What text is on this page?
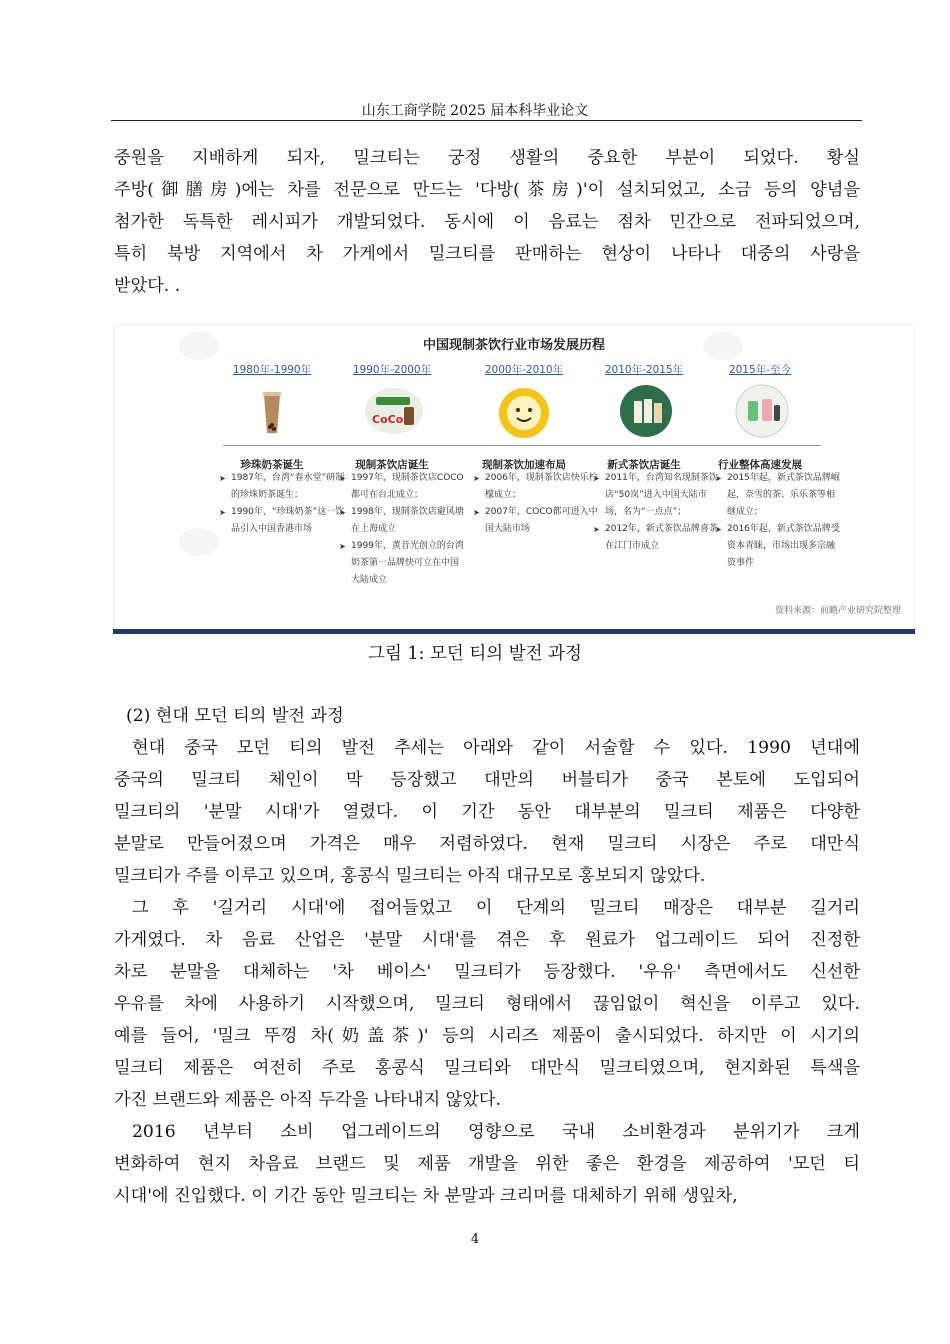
山东工商学院 2025 届本科毕业论文
중원을 지배하게 되자, 밀크티는 궁정 생활의 중요한 부분이 되었다. 황실
주방(御膳房)에는 차를 전문으로 만드는 '다방(茶房)'이 설치되었고, 소금 등의 양념을
첨가한 독특한 레시피가 개발되었다. 동시에 이 음료는 점차 민간으로 전파되었으며,
특히 북방 지역에서 차 가게에서 밀크티를 판매하는 현상이 나타나 대중의 사랑을
받았다. .
中国现制茶饮行业市场发展历程
1980年-1990年
珍珠奶茶诞生
➤ 1987年，台湾“春水堂”研制的珍珠奶茶诞生；
➤ 1990年，“珍珠奶茶”这一饮品引入中国香港市场
1990年-2000年
CoCo
现制茶饮店诞生
➤ 1997年，现制茶饮店COCO都可在台北成立；
➤ 1998年，现制茶饮店避风塘在上海成立
➤ 1999年，黄昔光创立的台湾奶茶第一品牌快可立在中国大陆成立
2000年-2010年
现制茶饮加速布局
➤ 2006年，现制茶饮店快乐柠檬成立；
➤ 2007年，COCO都可进入中国大陆市场
2010年-2015年
新式茶饮店诞生
➤ 2011年，台湾知名现制茶饮店“50岚”进入中国大陆市场，名为“一点点”；
➤ 2012年，新式茶饮品牌喜茶在江门市成立
2015年-至今
行业整体高速发展
➤ 2015年起，新式茶饮品牌崛起，奈雪的茶、乐乐茶等相继成立；
➤ 2016年起，新式茶饮品牌受资本青睐，市场出现多宗融资事件
资料来源：前瞻产业研究院整理
그림 1: 모던 티의 발전 과정
(2) 현대 모던 티의 발전 과정
현대 중국 모던 티의 발전 추세는 아래와 같이 서술할 수 있다. 1990 년대에
중국의 밀크티 체인이 막 등장했고 대만의 버블티가 중국 본토에 도입되어
밀크티의 '분말 시대'가 열렸다. 이 기간 동안 대부분의 밀크티 제품은 다양한
분말로 만들어졌으며 가격은 매우 저렴하였다. 현재 밀크티 시장은 주로 대만식
밀크티가 주를 이루고 있으며, 홍콩식 밀크티는 아직 대규모로 홍보되지 않았다.
그 후 '길거리 시대'에 접어들었고 이 단계의 밀크티 매장은 대부분 길거리
가게였다. 차 음료 산업은 '분말 시대'를 겪은 후 원료가 업그레이드 되어 진정한
차로 분말을 대체하는 '차 베이스' 밀크티가 등장했다. '우유' 측면에서도 신선한
우유를 차에 사용하기 시작했으며, 밀크티 형태에서 끊임없이 혁신을 이루고 있다.
예를 들어, '밀크 뚜껑 차(奶盖茶)' 등의 시리즈 제품이 출시되었다. 하지만 이 시기의
밀크티 제품은 여전히 주로 홍콩식 밀크티와 대만식 밀크티였으며, 현지화된 특색을
가진 브랜드와 제품은 아직 두각을 나타내지 않았다.
2016 년부터 소비 업그레이드의 영향으로 국내 소비환경과 분위기가 크게
변화하여 현지 차음료 브랜드 및 제품 개발을 위한 좋은 환경을 제공하여 '모던 티
시대'에 진입했다. 이 기간 동안 밀크티는 차 분말과 크리머를 대체하기 위해 생잎차,
4
